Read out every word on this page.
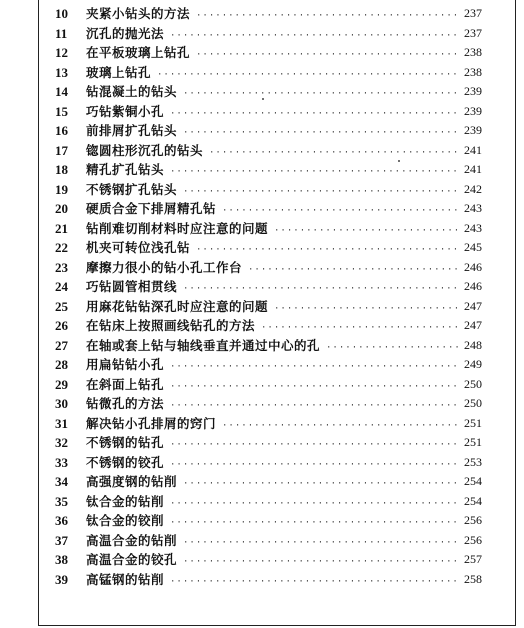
10	夹紧小钻头的方法 ·····	237
11	沉孔的抛光法 ·····	237
12	在平板玻璃上钻孔 ·····	238
13	玻璃上钻孔 ·····	238
14	钻混凝土的钻头 ·····	239
15	巧钻紫铜小孔 ·····	239
16	前排屑扩孔钻头 ·····	239
17	锪圆柱形沉孔的钻头 ·····	241
18	精孔扩孔钻头 ·····	241
19	不锈钢扩孔钻头 ·····	242
20	硬质合金下排屑精孔钻 ·····	243
21	钻削难切削材料时应注意的问题 ·····	243
22	机夹可转位浅孔钻 ·····	245
23	摩擦力很小的钻小孔工作台 ·····	246
24	巧钻圆管相贯线 ·····	246
25	用麻花钻钻深孔时应注意的问题 ·····	247
26	在钻床上按照画线钻孔的方法 ·····	247
27	在轴或套上钻与轴线垂直并通过中心的孔 ·····	248
28	用扁钻钻小孔 ·····	249
29	在斜面上钻孔 ·····	250
30	钻微孔的方法 ·····	250
31	解决钻小孔排屑的窍门 ·····	251
32	不锈钢的钻孔 ·····	251
33	不锈钢的铰孔 ·····	253
34	高强度钢的钻削 ·····	254
35	钛合金的钻削 ·····	254
36	钛合金的铰削 ·····	256
37	高温合金的钻削 ·····	256
38	高温合金的铰孔 ·····	257
39	高锰钢的钻削 ·····	258
